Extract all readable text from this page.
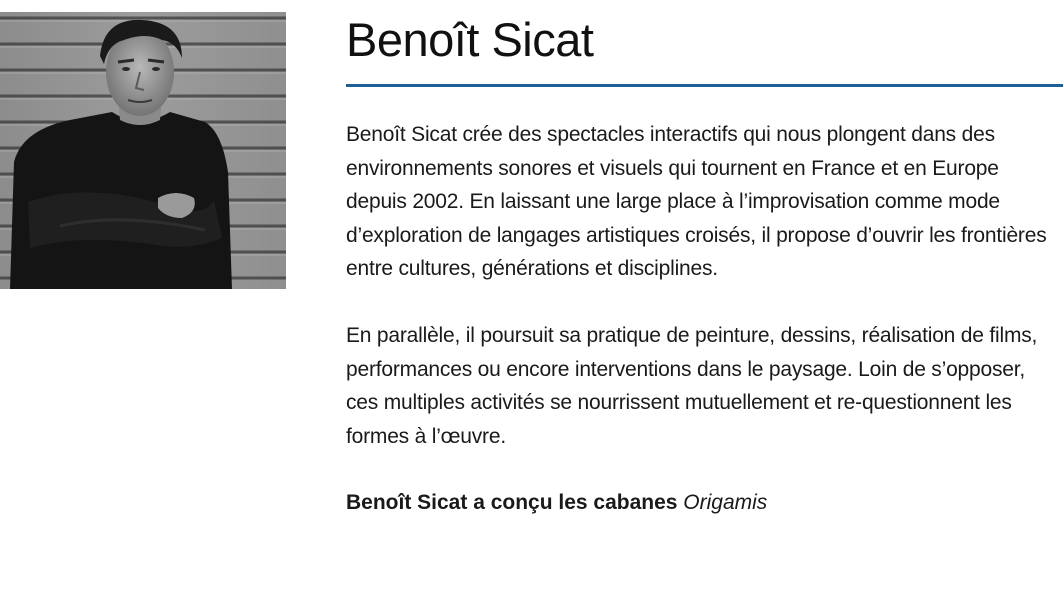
Benoît Sicat

Benoît Sicat crée des spectacles interactifs qui nous plongent dans des environnements sonores et visuels qui tournent en France et en Europe depuis 2002. En laissant une large place à l’improvisation comme mode d’exploration de langages artistiques croisés, il propose d’ouvrir les frontières entre cultures, générations et disciplines.

En parallèle, il poursuit sa pratique de peinture, dessins, réalisation de films, performances ou encore interventions dans le paysage. Loin de s’opposer, ces multiples activités se nourrissent mutuellement et re-questionnent les formes à l’œuvre.

Benoît Sicat a conçu les cabanes Origamis
